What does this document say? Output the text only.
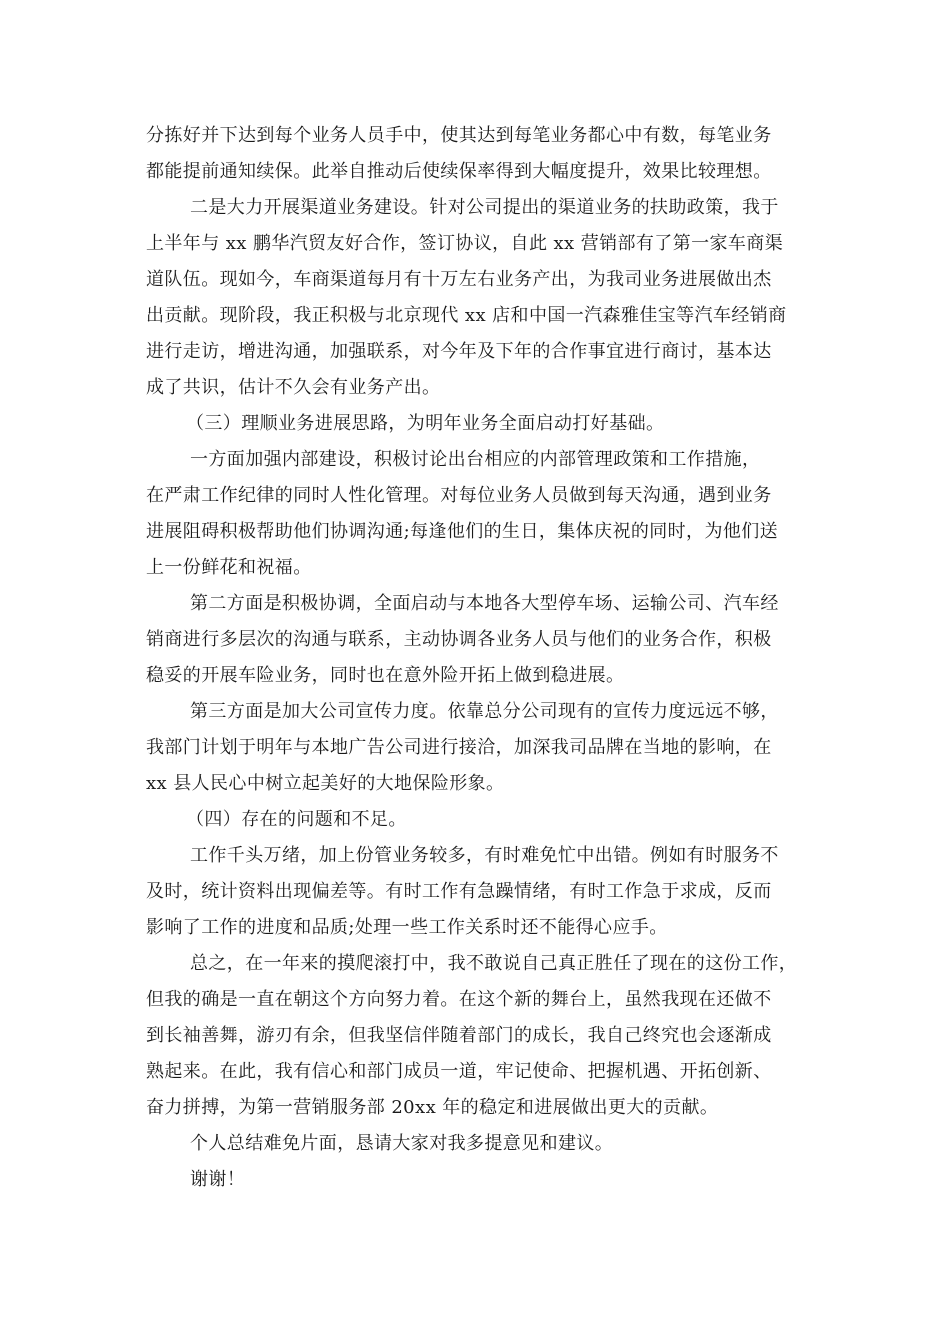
分拣好并下达到每个业务人员手中，使其达到每笔业务都心中有数，每笔业务
都能提前通知续保。此举自推动后使续保率得到大幅度提升，效果比较理想。
二是大力开展渠道业务建设。针对公司提出的渠道业务的扶助政策，我于
上半年与 xx 鹏华汽贸友好合作，签订协议，自此 xx 营销部有了第一家车商渠
道队伍。现如今，车商渠道每月有十万左右业务产出，为我司业务进展做出杰
出贡献。现阶段，我正积极与北京现代 xx 店和中国一汽森雅佳宝等汽车经销商
进行走访，增进沟通，加强联系，对今年及下年的合作事宜进行商讨，基本达
成了共识，估计不久会有业务产出。
（三）理顺业务进展思路，为明年业务全面启动打好基础。
一方面加强内部建设，积极讨论出台相应的内部管理政策和工作措施，
在严肃工作纪律的同时人性化管理。对每位业务人员做到每天沟通，遇到业务
进展阻碍积极帮助他们协调沟通;每逢他们的生日，集体庆祝的同时，为他们送
上一份鲜花和祝福。
第二方面是积极协调，全面启动与本地各大型停车场、运输公司、汽车经
销商进行多层次的沟通与联系，主动协调各业务人员与他们的业务合作，积极
稳妥的开展车险业务，同时也在意外险开拓上做到稳进展。
第三方面是加大公司宣传力度。依靠总分公司现有的宣传力度远远不够，
我部门计划于明年与本地广告公司进行接洽，加深我司品牌在当地的影响，在
xx 县人民心中树立起美好的大地保险形象。
（四）存在的问题和不足。
工作千头万绪，加上份管业务较多，有时难免忙中出错。例如有时服务不
及时，统计资料出现偏差等。有时工作有急躁情绪，有时工作急于求成，反而
影响了工作的进度和品质;处理一些工作关系时还不能得心应手。
总之，在一年来的摸爬滚打中，我不敢说自己真正胜任了现在的这份工作，
但我的确是一直在朝这个方向努力着。在这个新的舞台上，虽然我现在还做不
到长袖善舞，游刃有余，但我坚信伴随着部门的成长，我自己终究也会逐渐成
熟起来。在此，我有信心和部门成员一道，牢记使命、把握机遇、开拓创新、
奋力拼搏，为第一营销服务部 20xx 年的稳定和进展做出更大的贡献。
个人总结难免片面，恳请大家对我多提意见和建议。
谢谢！
